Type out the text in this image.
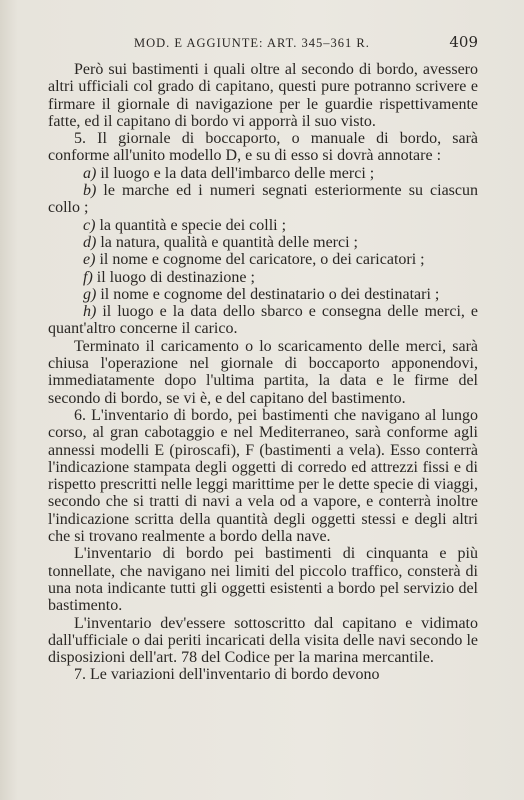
MOD. E AGGIUNTE: ART. 345–361 R.	409

Però sui bastimenti i quali oltre al secondo di bordo, avessero altri ufficiali col grado di capitano, questi pure potranno scrivere e firmare il giornale di navigazione per le guardie rispettivamente fatte, ed il capitano di bordo vi apporrà il suo visto.

5. Il giornale di boccaporto, o manuale di bordo, sarà conforme all'unito modello D, e su di esso si dovrà annotare :

a) il luogo e la data dell'imbarco delle merci ;

b) le marche ed i numeri segnati esteriormente su ciascun collo ;

c) la quantità e specie dei colli ;

d) la natura, qualità e quantità delle merci ;

e) il nome e cognome del caricatore, o dei caricatori ;

f) il luogo di destinazione ;

g) il nome e cognome del destinatario o dei destinatari ;

h) il luogo e la data dello sbarco e consegna delle merci, e quant'altro concerne il carico.

Terminato il caricamento o lo scaricamento delle merci, sarà chiusa l'operazione nel giornale di boccaporto apponendovi, immediatamente dopo l'ultima partita, la data e le firme del secondo di bordo, se vi è, e del capitano del bastimento.

6. L'inventario di bordo, pei bastimenti che navigano al lungo corso, al gran cabotaggio e nel Mediterraneo, sarà conforme agli annessi modelli E (piroscafi), F (bastimenti a vela). Esso conterrà l'indicazione stampata degli oggetti di corredo ed attrezzi fissi e di rispetto prescritti nelle leggi marittime per le dette specie di viaggi, secondo che si tratti di navi a vela od a vapore, e conterrà inoltre l'indicazione scritta della quantità degli oggetti stessi e degli altri che si trovano realmente a bordo della nave.

L'inventario di bordo pei bastimenti di cinquanta e più tonnellate, che navigano nei limiti del piccolo traffico, consterà di una nota indicante tutti gli oggetti esistenti a bordo pel servizio del bastimento.

L'inventario dev'essere sottoscritto dal capitano e vidimato dall'ufficiale o dai periti incaricati della visita delle navi secondo le disposizioni dell'art. 78 del Codice per la marina mercantile.

7. Le variazioni dell'inventario di bordo devono
